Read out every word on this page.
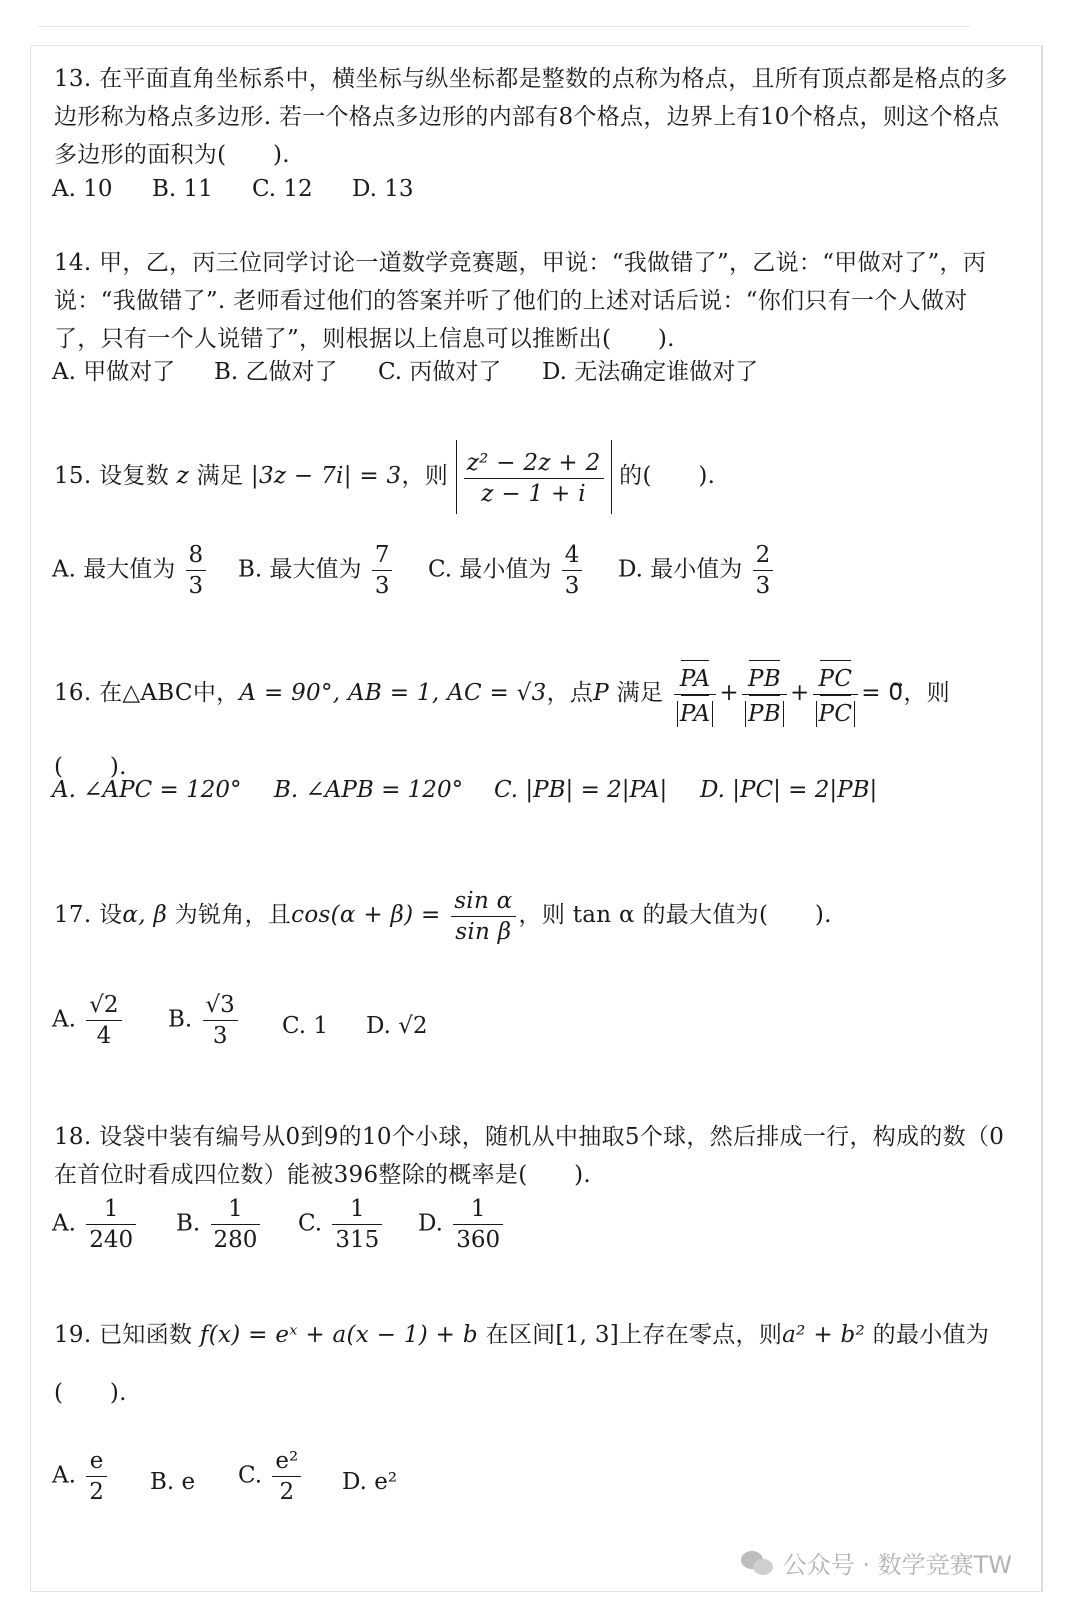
13. 在平面直角坐标系中，横坐标与纵坐标都是整数的点称为格点，且所有顶点都是格点的多边形称为格点多边形. 若一个格点多边形的内部有8个格点，边界上有10个格点，则这个格点多边形的面积为(　　).
A. 10 B. 11 C. 12 D. 13
14. 甲，乙，丙三位同学讨论一道数学竞赛题，甲说：“我做错了”，乙说：“甲做对了”，丙说：“我做错了”. 老师看过他们的答案并听了他们的上述对话后说：“你们只有一个人做对了，只有一个人说错了”，则根据以上信息可以推断出(　　).
A. 甲做对了 B. 乙做对了 C. 丙做对了 D. 无法确定谁做对了
15. 设复数 z 满足 |3z − 7i| = 3，则 $\frac{\text{z² − 2z + 2}}{z - 1 + i}$ 的(　　).
A. 最大值为 $\frac{8}{3} B$. 最大值为 $\frac{7}{3} C$. 最小值为 $\frac{4}{3} D$. 最小值为 $\frac{2}{3}$
16. 在△ABC中，A = 90°, AB = 1, AC = √3，点P 满足 $\frac{PA}{PA} + \frac{PB}{PB} + \frac{PC}{PC}$ = 0⃗，则(　　).
A. ∠APC = 120° B. ∠APB = 120° C. |PB| = 2|PA| D. |PC| = 2|PB|
17. 设α, β 为锐角，且$\cos(\alpha + \beta) = \frac{\text{sin α}}{\text{sin β}}$ ，则 tan α 的最大值为(　　).
A. $\frac{√2}{4} B$. $\frac{√3}{3} C$. 1 D. √2
18. 设袋中装有编号从0到9的10个小球，随机从中抽取5个球，然后排成一行，构成的数（0在首位时看成四位数）能被396整除的概率是(　　).
A. $\frac{1}{240} B$. $\frac{1}{280} C$. $\frac{1}{315} D$. $\frac{1}{360}$
19. 已知函数 f(x) = eˣ + a(x − 1) + b 在区间[1, 3]上存在零点，则a² + b² 的最小值为
(　　).
A. $\frac{e}{2} B$. e C. $\frac{\text{e²}}{2} D$. e²
公众号 · 数学竞赛TW
